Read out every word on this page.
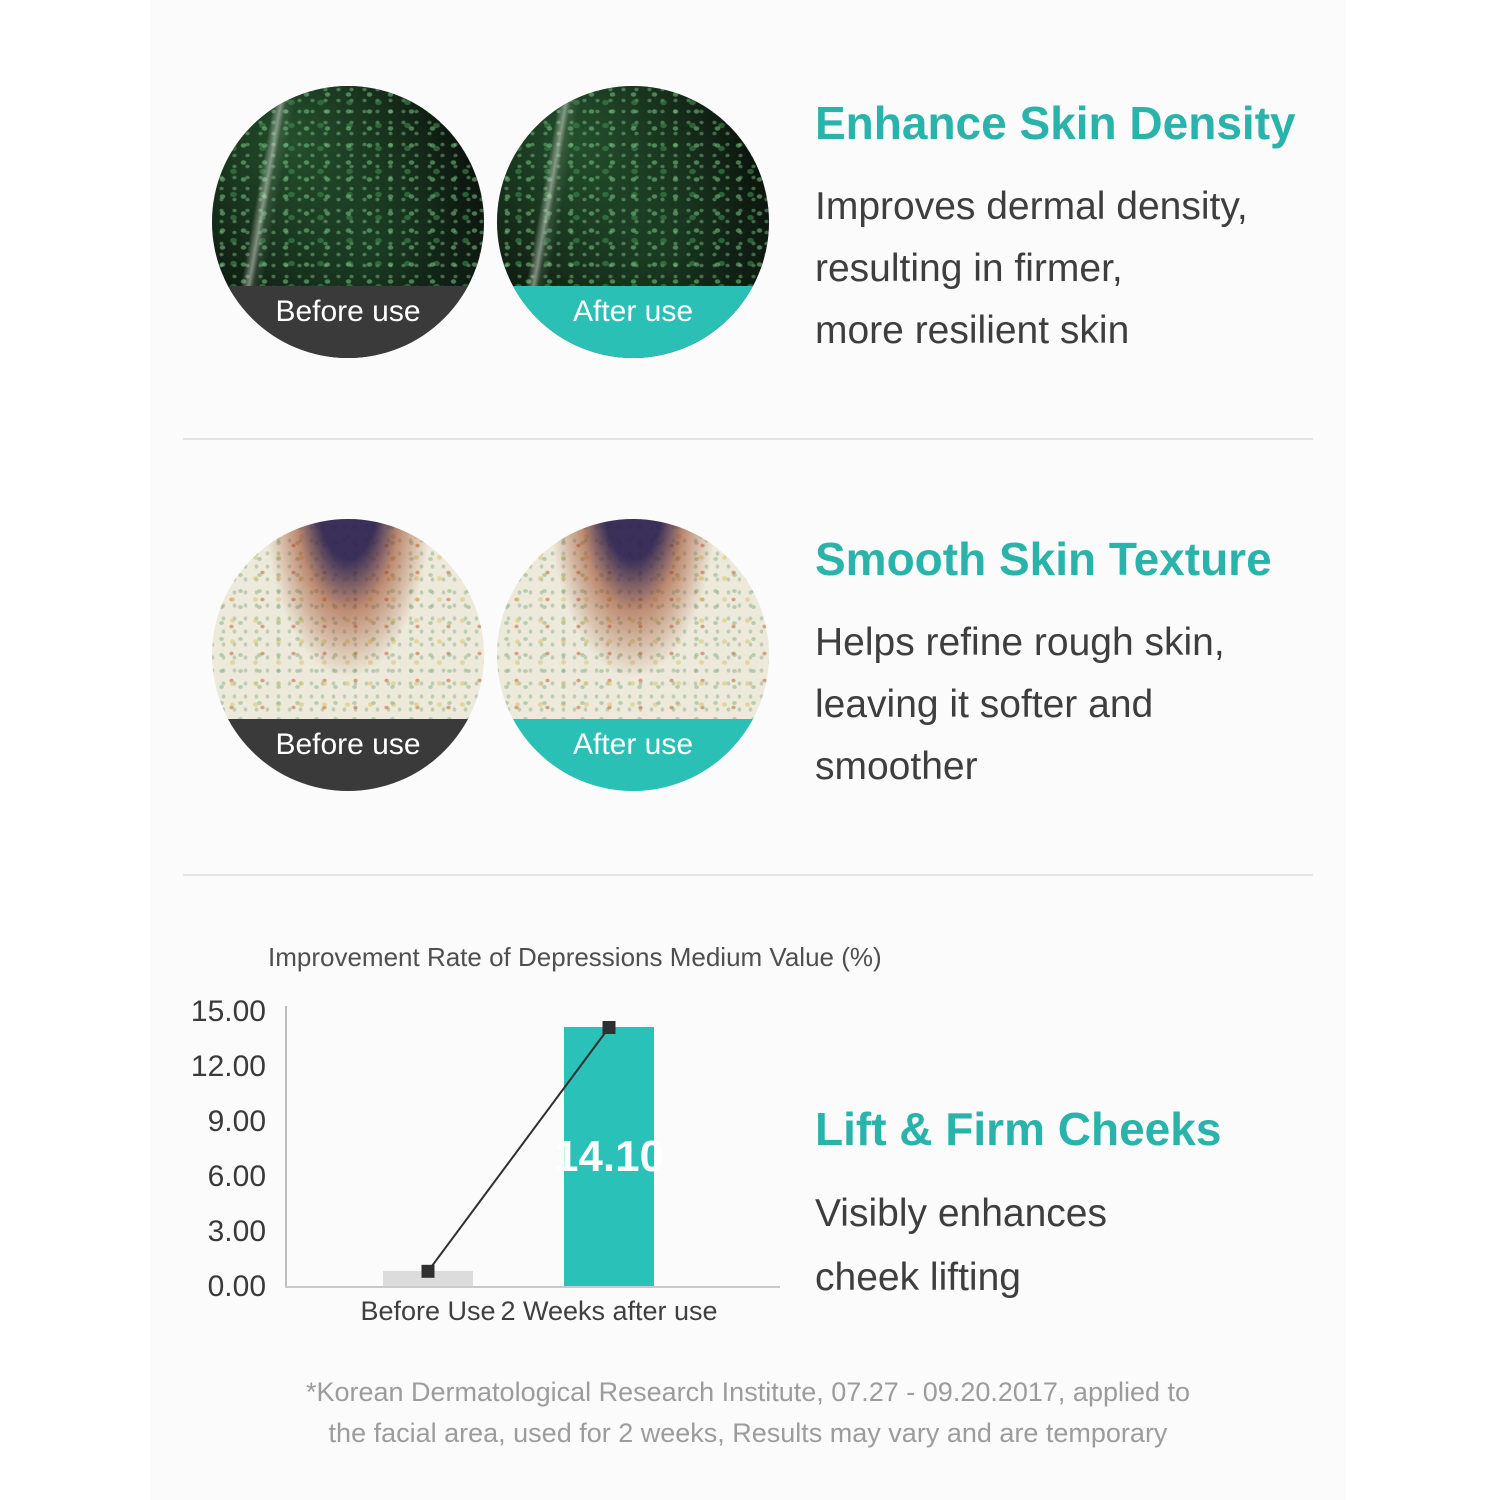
Before use	After use
Enhance Skin Density

Improves dermal density,
resulting in firmer,
more resilient skin

Before use	After use
Smooth Skin Texture

Helps refine rough skin,
leaving it softer and
smoother

Improvement Rate of Depressions Medium Value (%)
15.00
12.00
9.00
6.00
3.00
0.00
14.10
Before Use 2 Weeks after use
Lift & Firm Cheeks

Visibly enhances
cheek lifting

*Korean Dermatological Research Institute, 07.27 - 09.20.2017, applied to
the facial area, used for 2 weeks, Results may vary and are temporary
